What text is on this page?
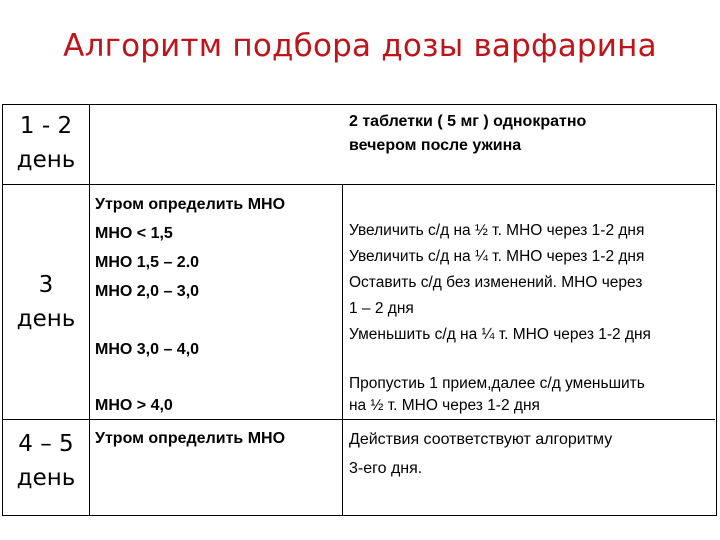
Алгоритм подбора дозы варфарина
1 - 2
день
2 таблетки ( 5 мг ) однократно
вечером после ужина
3
день
Утром определить МНО
МНО < 1,5
МНО 1,5 – 2.0
МНО 2,0 – 3,0
МНО 3,0 – 4,0
МНО > 4,0
Увеличить с/д на ½ т. МНО через 1-2 дня
Увеличить с/д на ¼ т. МНО через 1-2 дня
Оставить с/д без изменений. МНО через
1 – 2 дня
Уменьшить с/д на ¼ т. МНО через 1-2 дня
Пропустиь 1 прием,далее с/д уменьшить
на ½ т. МНО через 1-2 дня
4 – 5
день
Утром определить МНО	Действия соответствуют алгоритму
3-его дня.
